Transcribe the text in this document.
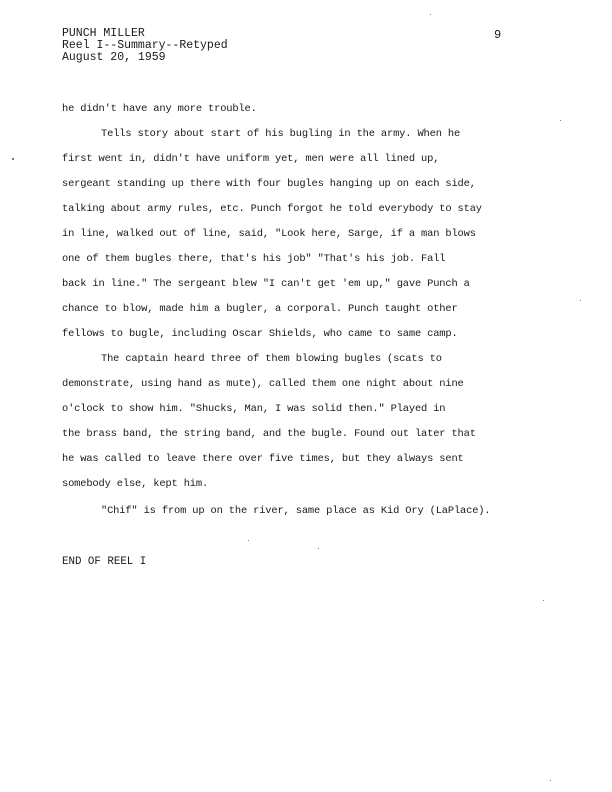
PUNCH MILLER
Reel I--Summary--Retyped
August 20, 1959
9
he didn't have any more trouble.
Tells story about start of his bugling in the army. When he
first went in, didn't have uniform yet, men were all lined up,
sergeant standing up there with four bugles hanging up on each side,
talking about army rules, etc. Punch forgot he told everybody to stay
in line, walked out of line, said, "Look here, Sarge, if a man blows
one of them bugles there, that's his job" "That's his job. Fall
back in line." The sergeant blew "I can't get 'em up," gave Punch a
chance to blow, made him a bugler, a corporal. Punch taught other
fellows to bugle, including Oscar Shields, who came to same camp.
The captain heard three of them blowing bugles (scats to
demonstrate, using hand as mute), called them one night about nine
o'clock to show him. "Shucks, Man, I was solid then." Played in
the brass band, the string band, and the bugle. Found out later that
he was called to leave there over five times, but they always sent
somebody else, kept him.
"Chif" is from up on the river, same place as Kid Ory (LaPlace).
END OF REEL I
